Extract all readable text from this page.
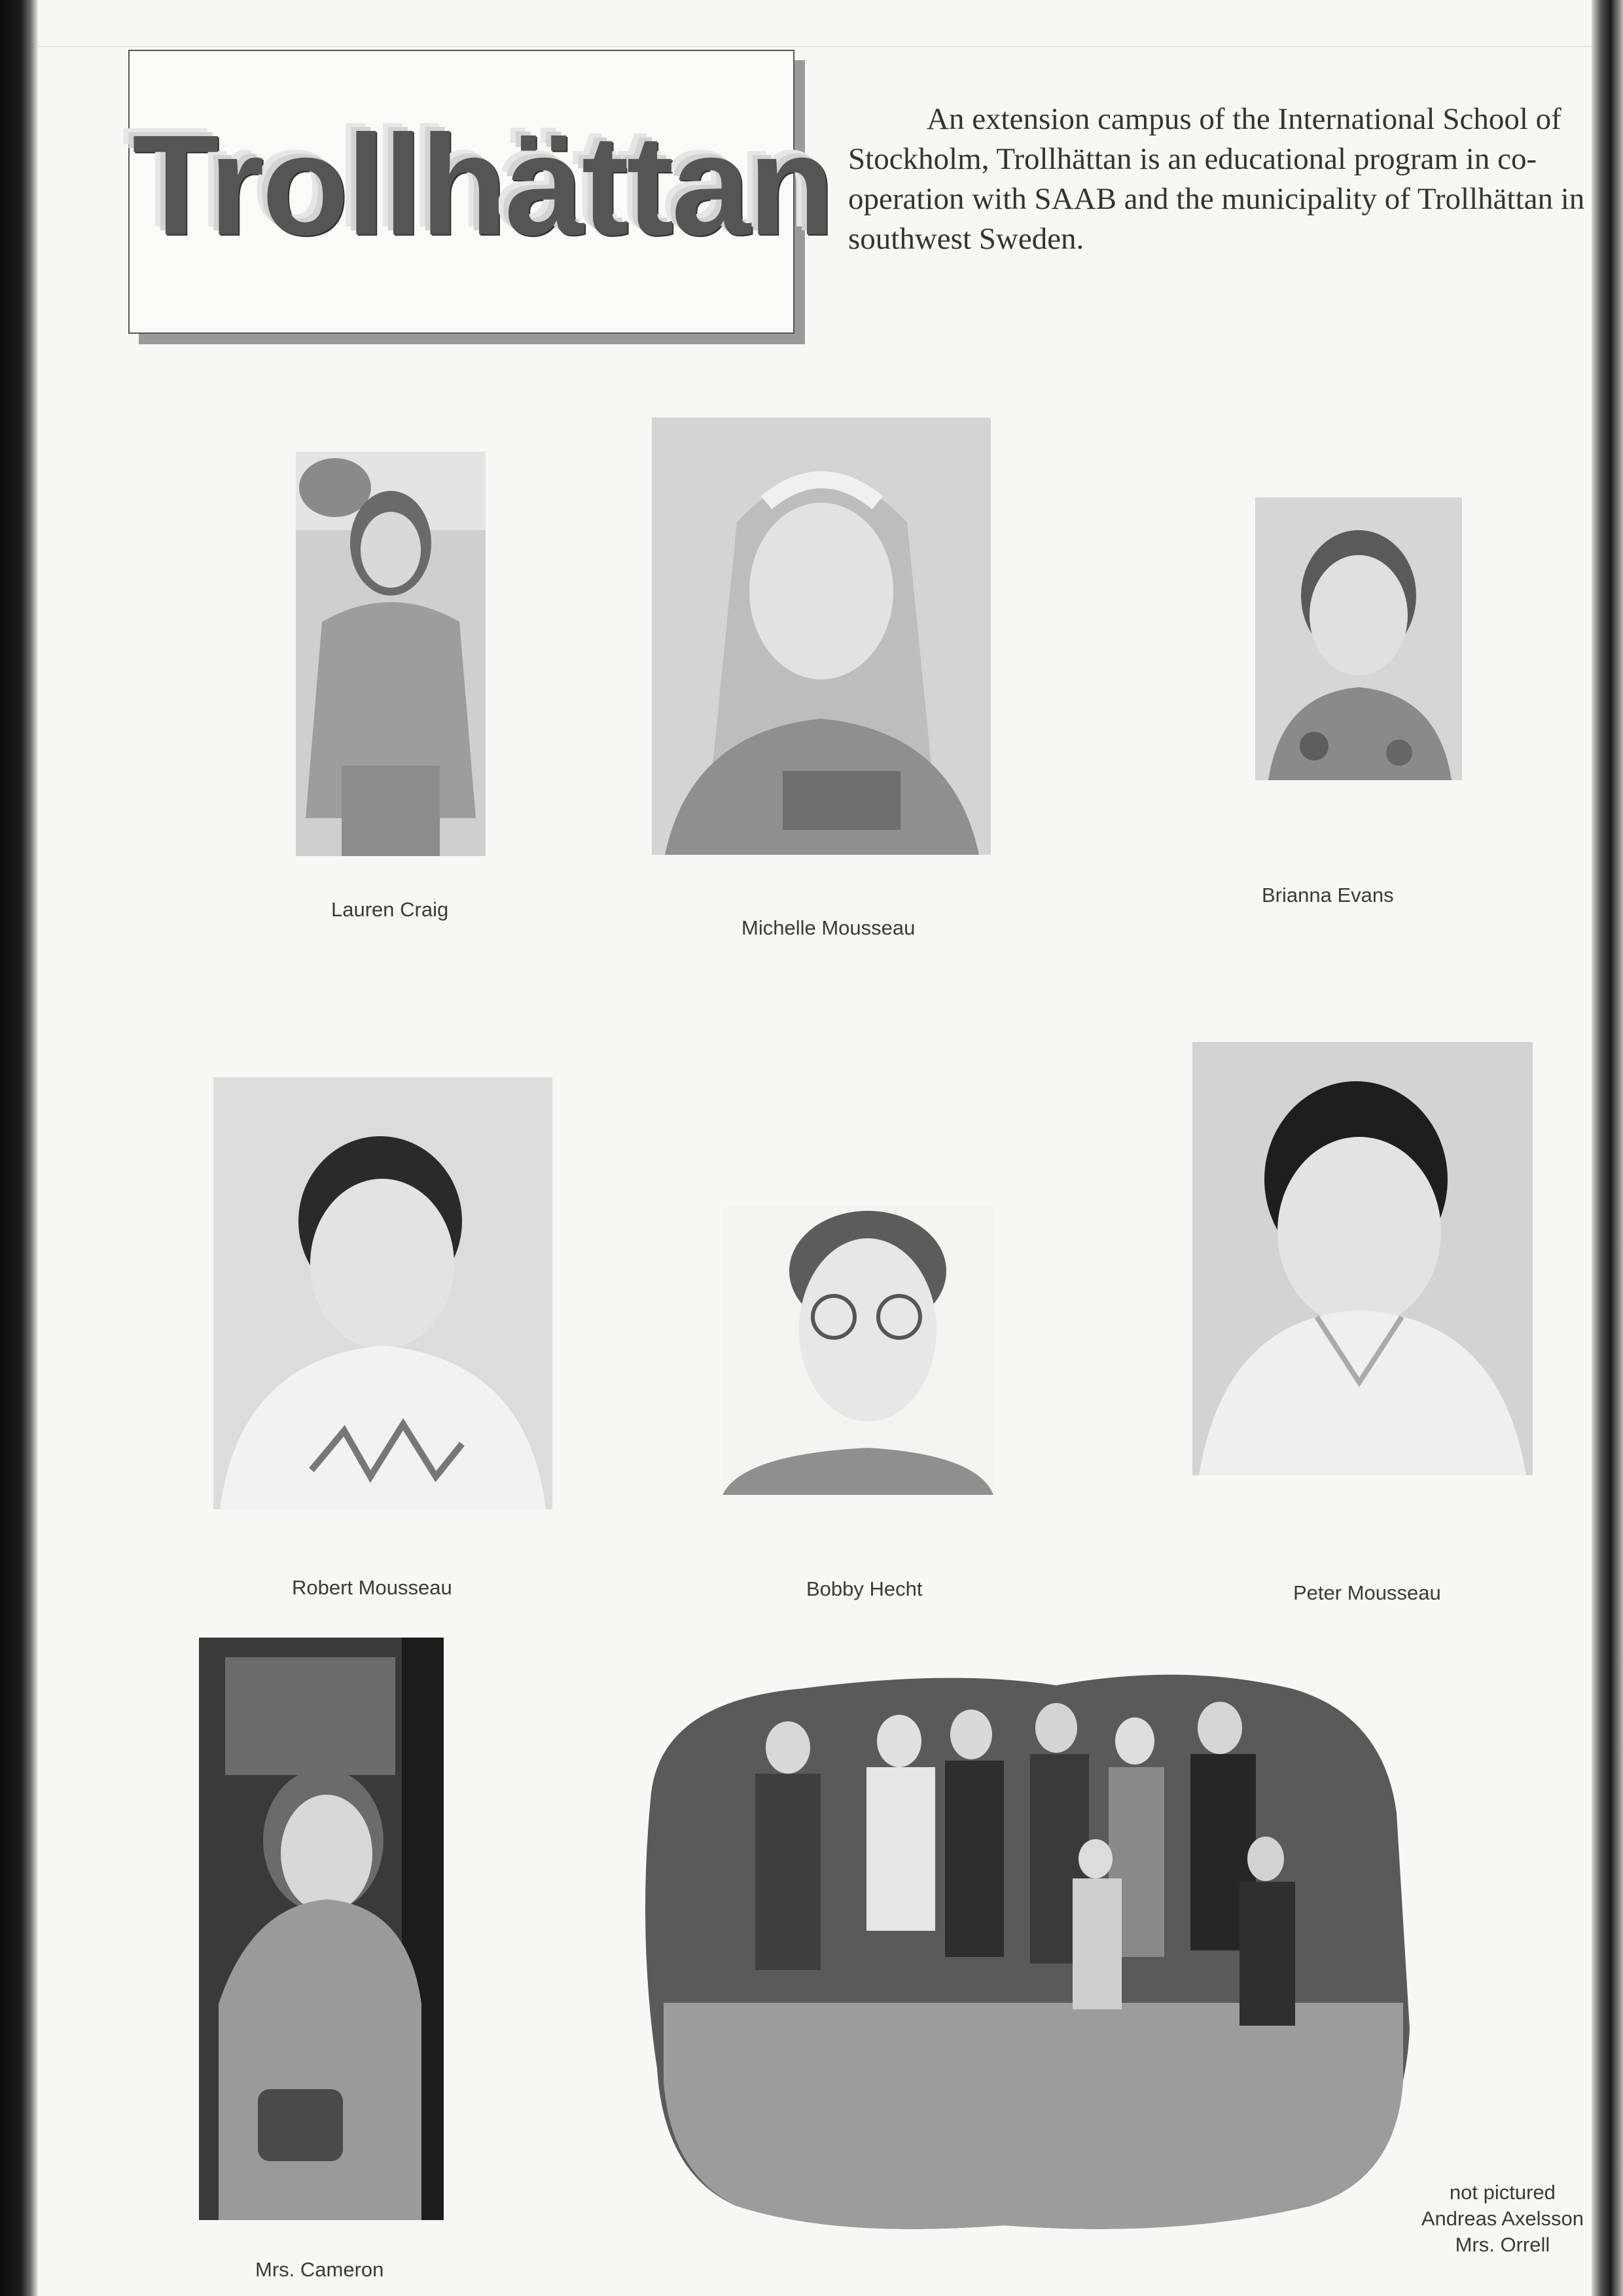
Trollhättan	An extension campus of the International School of Stockholm, Trollhättan is an educational program in co-operation with SAAB and the municipality of Trollhättan in southwest Sweden.

Lauren Craig
Michelle Mousseau
Brianna Evans
Robert Mousseau	Bobby Hecht	Peter Mousseau
Mrs. Cameron
not pictured
Andreas Axelsson
Mrs. Orrell
